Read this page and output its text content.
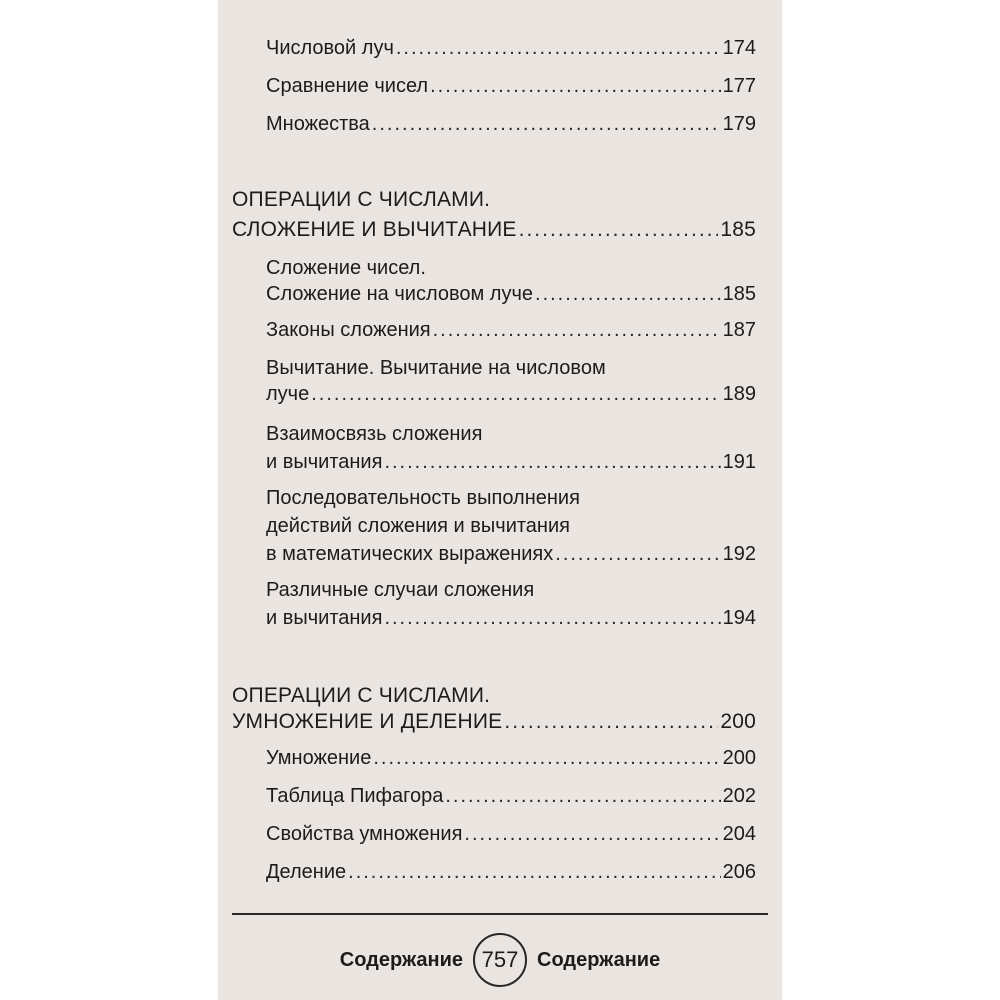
Числовой луч .....	174
Сравнение чисел .....	177
Множества .....	179
ОПЕРАЦИИ С ЧИСЛАМИ.
СЛОЖЕНИЕ И ВЫЧИТАНИЕ .....	185
Сложение чисел.
Сложение на числовом луче .....	185
Законы сложения .....	187
Вычитание. Вычитание на числовом
луче .....	189
Взаимосвязь сложения
и вычитания .....	191
Последовательность выполнения
действий сложения и вычитания
в математических выражениях .....	192
Различные случаи сложения
и вычитания .....	194
ОПЕРАЦИИ С ЧИСЛАМИ.
УМНОЖЕНИЕ И ДЕЛЕНИЕ .....	200
Умножение .....	200
Таблица Пифагора .....	202
Свойства умножения .....	204
Деление .....	206
Содержание 757 Содержание
